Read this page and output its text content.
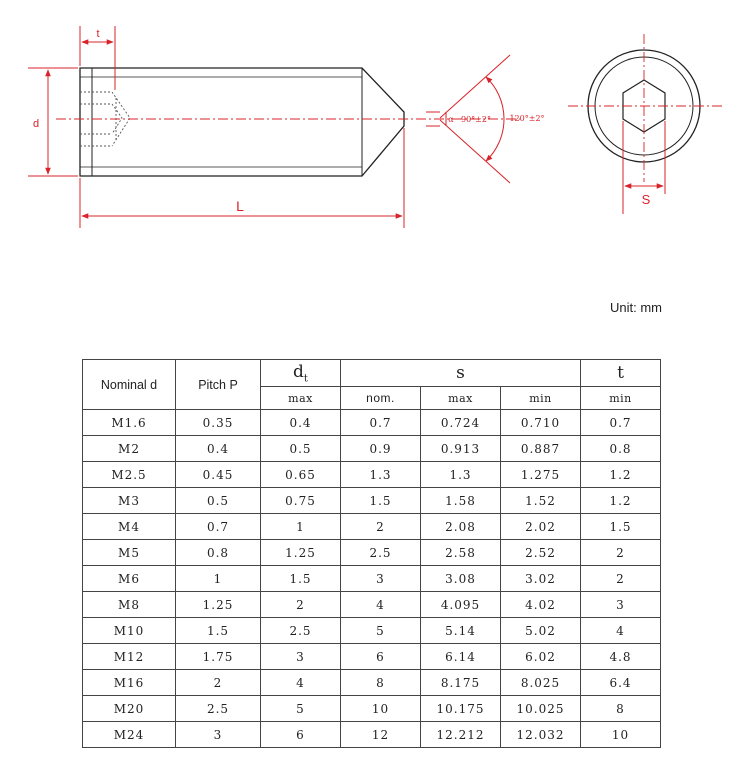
t
d
L
α 90°±2° 120°±2°
S
Unit: mm
Nominal d	Pitch P	$d_t$	s			t
		max	nom.	max	min	min
M1.6	0.35	0.4	0.7	0.724	0.710	0.7
M2	0.4	0.5	0.9	0.913	0.887	0.8
M2.5	0.45	0.65	1.3	1.3	1.275	1.2
M3	0.5	0.75	1.5	1.58	1.52	1.2
M4	0.7	1	2	2.08	2.02	1.5
M5	0.8	1.25	2.5	2.58	2.52	2
M6	1	1.5	3	3.08	3.02	2
M8	1.25	2	4	4.095	4.02	3
M10	1.5	2.5	5	5.14	5.02	4
M12	1.75	3	6	6.14	6.02	4.8
M16	2	4	8	8.175	8.025	6.4
M20	2.5	5	10	10.175	10.025	8
M24	3	6	12	12.212	12.032	10
